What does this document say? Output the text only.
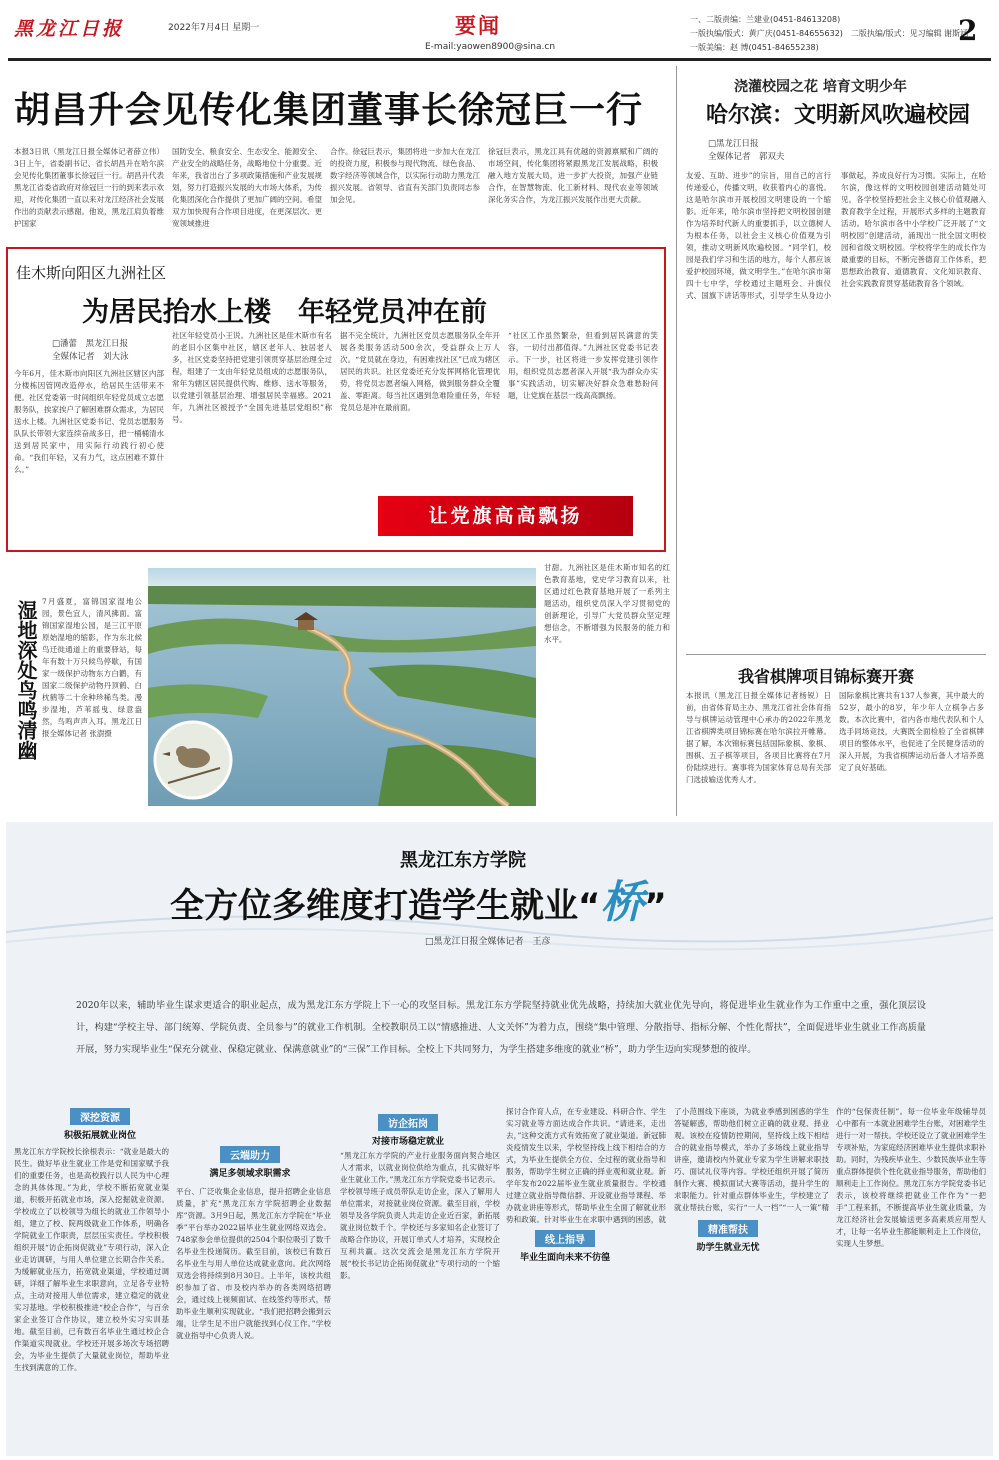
黑龙江日报	2022年7月4日 星期一	要闻
E-mail:yaowen8900@sina.cn
一、二版责编：兰建业(0451-84613208)
一版执编/版式：黄广庆(0451-84655632)　二版执编/版式：见习编辑 谢斯涵
一版美编：赵 博(0451-84655238)
2
胡昌升会见传化集团董事长徐冠巨一行
本报3日讯（黑龙江日报全媒体记者薛立伟）3日上午，省委副书记、省长胡昌升在哈尔滨会见传化集团董事长徐冠巨一行。胡昌升代表黑龙江省委省政府对徐冠巨一行的到来表示欢迎，对传化集团一直以来对龙江经济社会发展作出的贡献表示感谢。他说，黑龙江肩负着维护国家
国防安全、粮食安全、生态安全、能源安全、产业安全的战略任务，战略地位十分重要。近年来，我省出台了多项政策措施和产业发展规划，努力打造振兴发展的大市场大体系，为传化集团深化合作提供了更加广阔的空间。希望双方加快现有合作项目进度，在更深层次、更宽领域推进
合作。徐冠巨表示，集团将进一步加大在龙江的投资力度，积极参与现代物流、绿色食品、数字经济等领域合作，以实际行动助力黑龙江振兴发展。省领导、省直有关部门负责同志参加会见。
徐冠巨表示，黑龙江具有优越的资源禀赋和广阔的市场空间，传化集团将紧跟黑龙江发展战略，积极融入地方发展大局，进一步扩大投资，加强产业链合作，在智慧物流、化工新材料、现代农业等领域深化务实合作，为龙江振兴发展作出更大贡献。
浇灌校园之花 培育文明少年
哈尔滨：文明新风吹遍校园
□黑龙江日报
全媒体记者　郭双夫
友爱、互助、进步”的宗旨，用自己的言行传递爱心，传播文明，收获着内心的喜悦。这是哈尔滨市开展校园文明建设的一个缩影。近年来，哈尔滨市坚持把文明校园创建作为培养时代新人的重要抓手，以立德树人为根本任务，以社会主义核心价值观为引领，推动文明新风吹遍校园。“同学们，校园是我们学习和生活的地方，每个人都应该爱护校园环境，做文明学生。”在哈尔滨市第四十七中学，学校通过主题班会、升旗仪式、国旗下讲话等形式，引导学生从身边小事做起，养成良好行为习惯。实际上，在哈尔滨，像这样的文明校园创建活动随处可见。各学校坚持把社会主义核心价值观融入教育教学全过程，开展形式多样的主题教育活动。哈尔滨市各中小学校广泛开展了“文明校园”创建活动，涌现出一批全国文明校园和省级文明校园。学校将学生的成长作为最重要的目标，不断完善德育工作体系，把思想政治教育、道德教育、文化知识教育、社会实践教育贯穿基础教育各个领域。
佳木斯向阳区九洲社区
为居民抬水上楼　年轻党员冲在前
□潘蕾　黑龙江日报
全媒体记者　刘大泳
今年6月，佳木斯市向阳区九洲社区辖区内部分楼栋因管网改造停水，给居民生活带来不便。社区党委第一时间组织年轻党员成立志愿服务队，挨家挨户了解困难群众需求，为居民送水上楼。九洲社区党委书记、党员志愿服务队队长带领大家连续奋战多日，把一桶桶清水送到居民家中，用实际行动践行初心使命。“我们年轻，又有力气，这点困难不算什么。”
社区年轻党员小王说。九洲社区是佳木斯市有名的老旧小区集中社区，辖区老年人、独居老人多，社区党委坚持把党建引领贯穿基层治理全过程，组建了一支由年轻党员组成的志愿服务队，常年为辖区居民提供代购、维修、送水等服务，以党建引领基层治理、增强居民幸福感。2021年，九洲社区被授予“全国先进基层党组织”称号。
据不完全统计，九洲社区党员志愿服务队全年开展各类服务活动500余次，受益群众上万人次。“党员就在身边，有困难找社区”已成为辖区居民的共识。社区党委还充分发挥网格化管理优势，将党员志愿者编入网格，做到服务群众全覆盖、零距离。每当社区遇到急难险重任务，年轻党员总是冲在最前面。
“社区工作虽然繁杂，但看到居民满意的笑容，一切付出都值得。”九洲社区党委书记表示。下一步，社区将进一步发挥党建引领作用，组织党员志愿者深入开展“我为群众办实事”实践活动，切实解决好群众急难愁盼问题，让党旗在基层一线高高飘扬。
让党旗高高飘扬
湿地深处鸟鸣清幽 7月盛夏，富锦国家湿地公园，景色宜人，清风拂面。富锦国家湿地公园，是三江平原原始湿地的缩影，作为东北候鸟迁徙通道上的重要驿站，每年有数十万只候鸟停歇，有国家一级保护动物东方白鹳，有国家二级保护动物丹顶鹤、白枕鹤等二十余种珍稀鸟类。漫步湿地，芦苇摇曳、绿意盎然，鸟鸣声声入耳。黑龙江日报全媒体记者 张澍摄
甘甜。九洲社区是佳木斯市知名的红色教育基地，党史学习教育以来，社区通过红色教育基地开展了一系列主题活动，组织党员深入学习贯彻党的创新理论，引导广大党员群众坚定理想信念，不断增强为民服务的能力和水平。
我省棋牌项目锦标赛开赛
本报讯（黑龙江日报全媒体记者杨锐）日前，由省体育局主办、黑龙江省社会体育指导与棋牌运动管理中心承办的2022年黑龙江省棋牌类项目锦标赛在哈尔滨拉开帷幕。据了解，本次锦标赛包括国际象棋、象棋、围棋、五子棋等项目，各项目比赛将在7月份陆续进行。赛事将为国家体育总局有关部门选拔输送优秀人才。
国际象棋比赛共有137人参赛，其中最大的52岁，最小的8岁，年少年人立棋争占多数。本次比赛中，省内各市地代表队和个人选手同场竞技，大赛既全面检验了全省棋牌项目的整体水平，也促进了全民健身活动的深入开展，为我省棋牌运动后备人才培养奠定了良好基础。
黑龙江东方学院
全方位多维度打造学生就业“桥”
□黑龙江日报全媒体记者　王彦
2020年以来，辅助毕业生谋求更适合的职业起点，成为黑龙江东方学院上下一心的攻坚目标。黑龙江东方学院坚持就业优先战略，持续加大就业优先导向，将促进毕业生就业作为工作重中之重，强化顶层设计，构建“学校主导、部门统筹、学院负责、全员参与”的就业工作机制。全校教职员工以“情感推进、人文关怀”为着力点，围绕“集中管理、分散指导、指标分解、个性化帮扶”，全面促进毕业生就业工作高质量开展，努力实现毕业生“保充分就业、保稳定就业、保满意就业”的“三保”工作目标。全校上下共同努力，为学生搭建多维度的就业“桥”，助力学生迈向实现梦想的彼岸。
深挖资源
积极拓展就业岗位
云端助力
满足多领域求职需求
访企拓岗
对接市场稳定就业
线上指导
毕业生面向未来不彷徨
精准帮扶
助学生就业无忧
黑龙江东方学院校长徐根表示：“就业是最大的民生。做好毕业生就业工作是党和国家赋予我们的重要任务，也是高校践行以人民为中心理念的具体体现。”为此，学校不断拓宽就业渠道，积极开拓就业市场，深入挖掘就业资源。学校成立了以校领导为组长的就业工作领导小组，建立了校、院两级就业工作体系，明确各学院就业工作职责，层层压实责任。学校积极组织开展“访企拓岗促就业”专项行动，深入企业走访调研，与用人单位建立长期合作关系。为缓解就业压力，拓宽就业渠道，学校通过调研，详细了解毕业生求职意向，立足各专业特点，主动对接用人单位需求，建立稳定的就业实习基地。学校积极推进“校企合作”，与百余家企业签订合作协议，建立校外实习实训基地。截至目前，已有数百名毕业生通过校企合作渠道实现就业。学校还开展多场次专场招聘会，为毕业生提供了大量就业岗位，帮助毕业生找到满意的工作。
平台、广泛收集企业信息，提升招聘企业信息质量，扩充“黑龙江东方学院招聘企业数据库”资源。3月9日起，黑龙江东方学院在“毕业季”平台举办2022届毕业生就业网络双选会。748家参会单位提供的2504个职位吸引了数千名毕业生投递简历。截至目前，该校已有数百名毕业生与用人单位达成就业意向。此次网络双选会将持续到8月30日。上半年，该校共组织参加了省、市及校内举办的各类网络招聘会，通过线上视频面试、在线签约等形式，帮助毕业生顺利实现就业。“我们把招聘会搬到云端，让学生足不出户就能找到心仪工作。”学校就业指导中心负责人说。
“黑龙江东方学院的产业行业服务面向契合地区人才需求，以就业岗位供给为重点，扎实做好毕业生就业工作。”黑龙江东方学院党委书记表示。学校领导班子成员带队走访企业，深入了解用人单位需求，对接就业岗位资源。截至目前，学校领导及各学院负责人共走访企业近百家，新拓展就业岗位数千个。学校还与多家知名企业签订了战略合作协议，开展订单式人才培养，实现校企互利共赢。这次交流会是黑龙江东方学院开展“校长书记访企拓岗促就业”专项行动的一个缩影。
探讨合作育人点，在专业建设、科研合作、学生实习就业等方面达成合作共识。“请进来，走出去，”这种交流方式有效拓宽了就业渠道。新冠肺炎疫情发生以来，学校坚持线上线下相结合的方式，为毕业生提供全方位、全过程的就业指导和服务，帮助学生树立正确的择业观和就业观。新学年发布2022届毕业生就业质量报告。学校通过建立就业指导微信群、开设就业指导课程、举办就业讲座等形式，帮助毕业生全面了解就业形势和政策。针对毕业生在求职中遇到的困惑，就
了小范围线下座谈，为就业季感到困惑的学生答疑解惑，帮助他们树立正确的就业观、择业观。该校在疫情防控期间，坚持线上线下相结合的就业指导模式，举办了多场线上就业指导讲座，邀请校内外就业专家为学生讲解求职技巧、面试礼仪等内容。学校还组织开展了简历制作大赛、模拟面试大赛等活动，提升学生的求职能力。针对重点群体毕业生，学校建立了就业帮扶台账，实行“一人一档”“一人一策”精
作的“包保责任制”。每一位毕业年级辅导员心中都有一本就业困难学生台账，对困难学生进行一对一帮扶。学校还设立了就业困难学生专项补贴，为家庭经济困难毕业生提供求职补助。同时，为残疾毕业生、少数民族毕业生等重点群体提供个性化就业指导服务，帮助他们顺利走上工作岗位。黑龙江东方学院党委书记表示，该校将继续把就业工作作为“一把手”工程来抓，不断提高毕业生就业质量，为龙江经济社会发展输送更多高素质应用型人才，让每一名毕业生都能顺利走上工作岗位，实现人生梦想。
